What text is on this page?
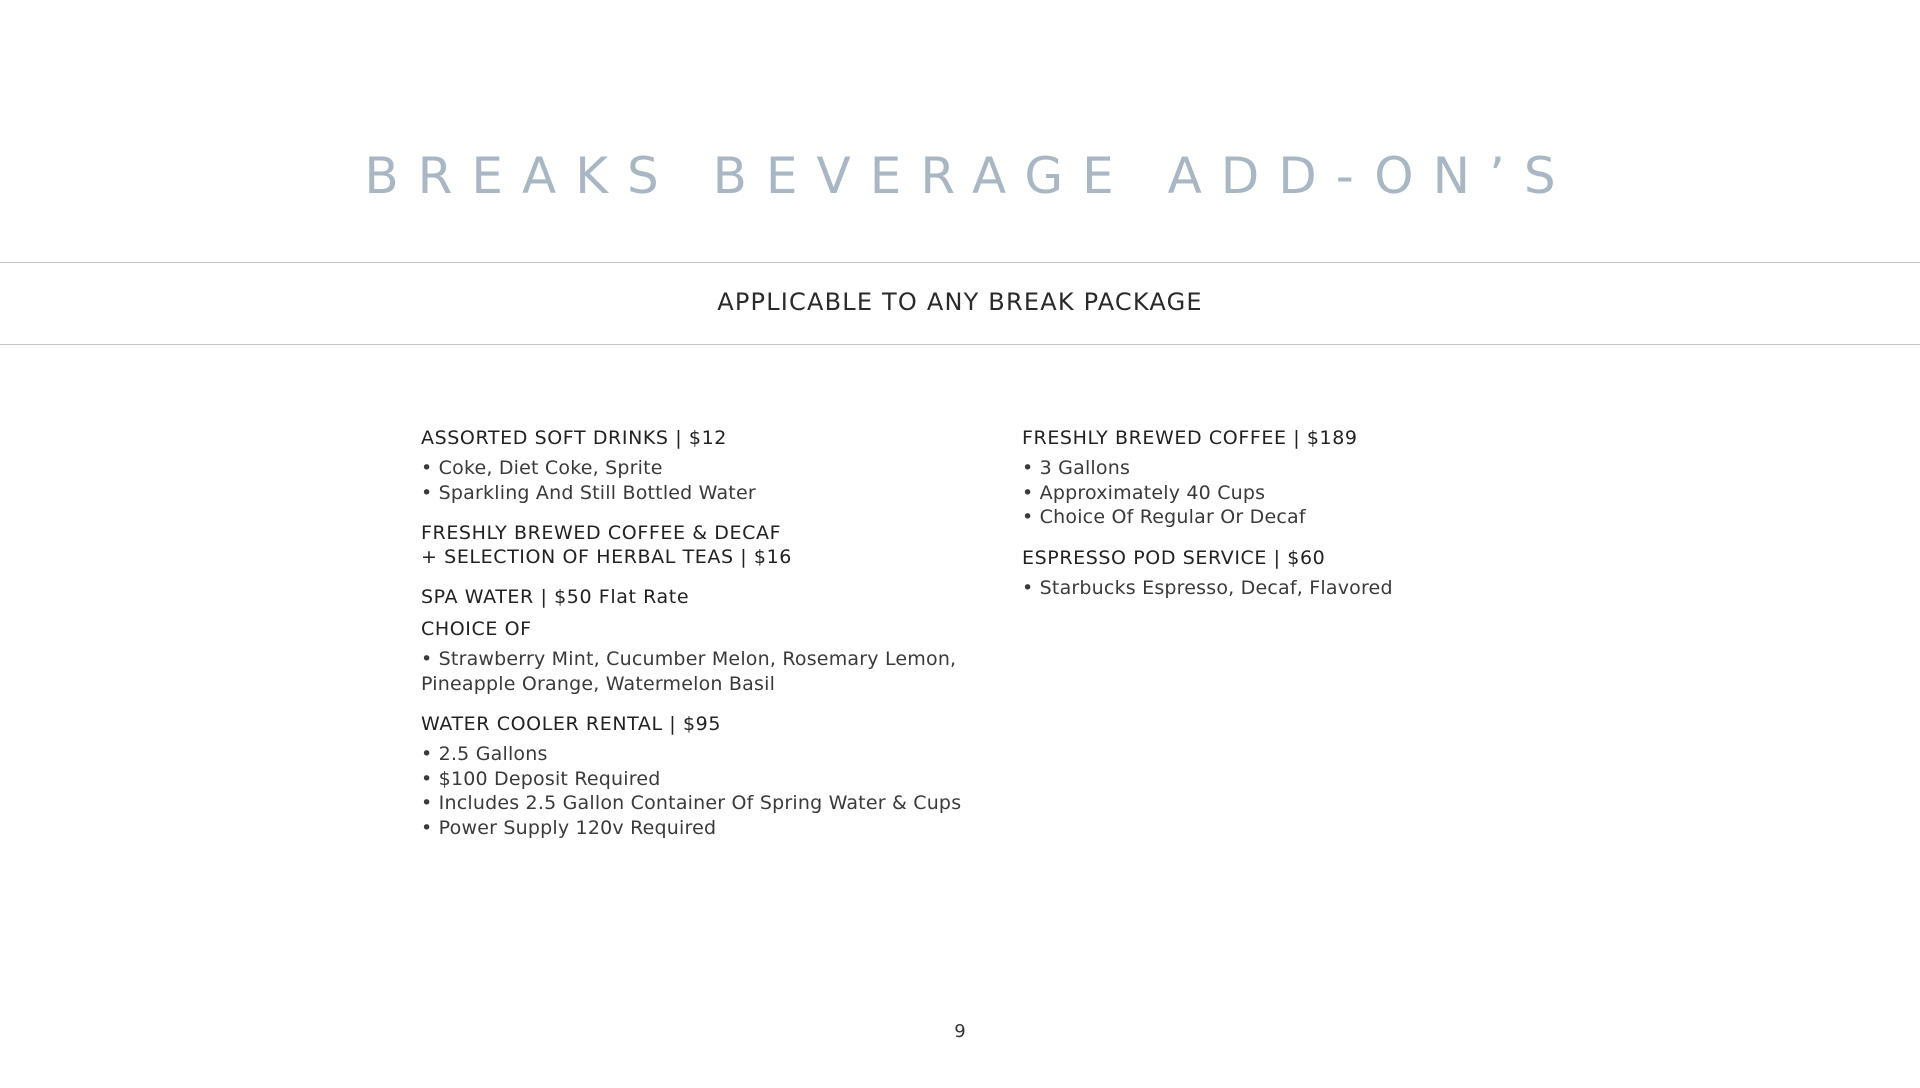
BREAKS BEVERAGE ADD-ON’S
APPLICABLE TO ANY BREAK PACKAGE

ASSORTED SOFT DRINKS | $12

• Coke, Diet Coke, Sprite
• Sparkling And Still Bottled Water

FRESHLY BREWED COFFEE & DECAF

+ SELECTION OF HERBAL TEAS | $16

SPA WATER | $50 Flat Rate

CHOICE OF

• Strawberry Mint, Cucumber Melon, Rosemary Lemon, Pineapple Orange, Watermelon Basil

WATER COOLER RENTAL | $95

• 2.5 Gallons
• $100 Deposit Required
• Includes 2.5 Gallon Container Of Spring Water & Cups
• Power Supply 120v Required

FRESHLY BREWED COFFEE | $189

• 3 Gallons
• Approximately 40 Cups
• Choice Of Regular Or Decaf

ESPRESSO POD SERVICE | $60

• Starbucks Espresso, Decaf, Flavored
9
